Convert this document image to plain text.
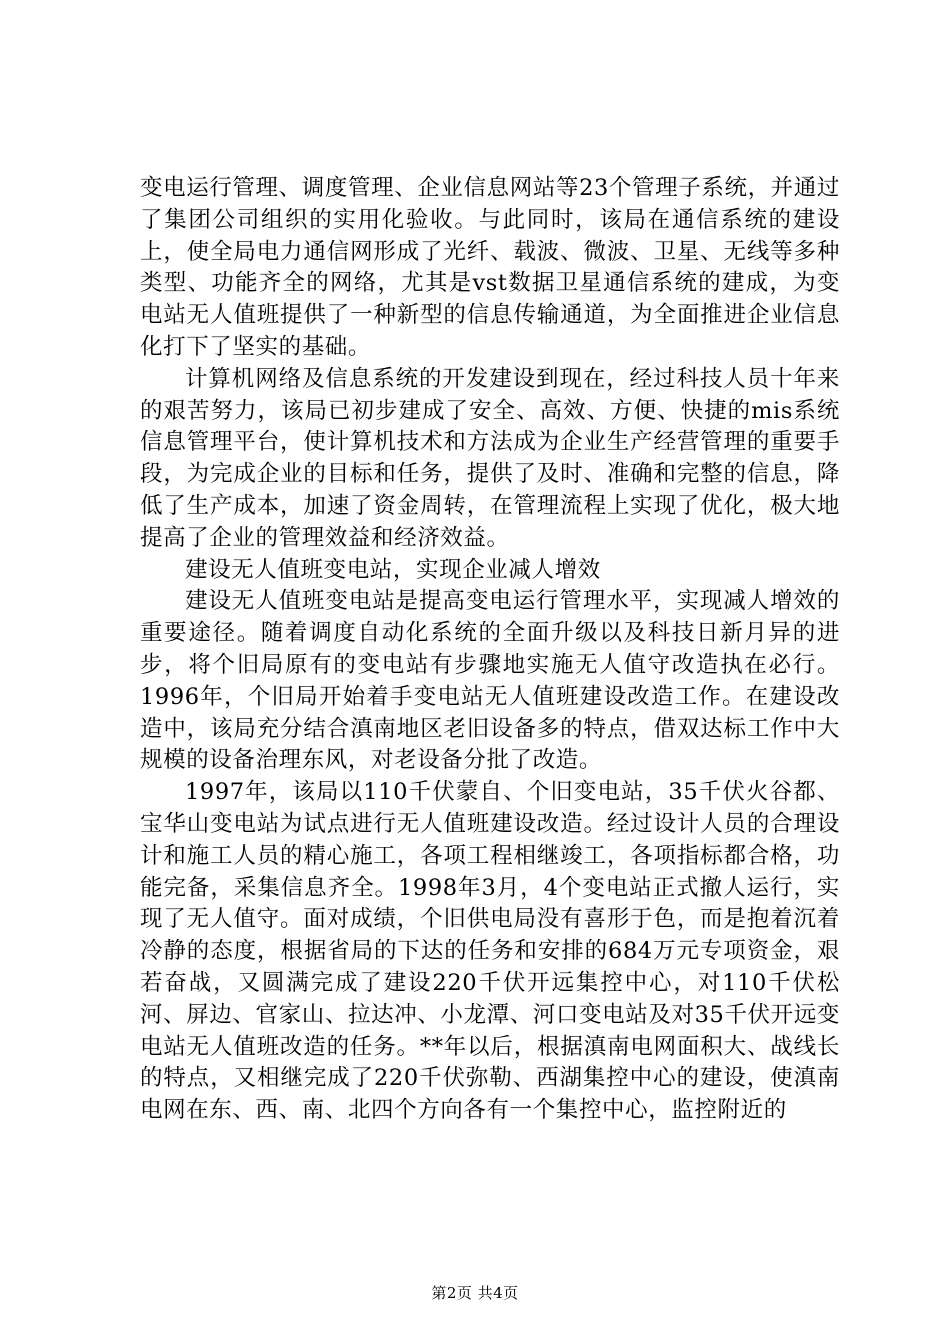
变电运行管理、调度管理、企业信息网站等23个管理子系统，并通过了集团公司组织的实用化验收。与此同时，该局在通信系统的建设上，使全局电力通信网形成了光纤、载波、微波、卫星、无线等多种类型、功能齐全的网络，尤其是vst数据卫星通信系统的建成，为变电站无人值班提供了一种新型的信息传输通道，为全面推进企业信息化打下了坚实的基础。

计算机网络及信息系统的开发建设到现在，经过科技人员十年来的艰苦努力，该局已初步建成了安全、高效、方便、快捷的mis系统信息管理平台，使计算机技术和方法成为企业生产经营管理的重要手段，为完成企业的目标和任务，提供了及时、准确和完整的信息，降低了生产成本，加速了资金周转，在管理流程上实现了优化，极大地提高了企业的管理效益和经济效益。

建设无人值班变电站，实现企业减人增效

建设无人值班变电站是提高变电运行管理水平，实现减人增效的重要途径。随着调度自动化系统的全面升级以及科技日新月异的进步，将个旧局原有的变电站有步骤地实施无人值守改造执在必行。1996年，个旧局开始着手变电站无人值班建设改造工作。在建设改造中，该局充分结合滇南地区老旧设备多的特点，借双达标工作中大规模的设备治理东风，对老设备分批了改造。

1997年，该局以110千伏蒙自、个旧变电站，35千伏火谷都、宝华山变电站为试点进行无人值班建设改造。经过设计人员的合理设计和施工人员的精心施工，各项工程相继竣工，各项指标都合格，功能完备，采集信息齐全。1998年3月，4个变电站正式撤人运行，实现了无人值守。面对成绩，个旧供电局没有喜形于色，而是抱着沉着冷静的态度，根据省局的下达的任务和安排的684万元专项资金，艰若奋战，又圆满完成了建设220千伏开远集控中心，对110千伏松河、屏边、官家山、拉达冲、小龙潭、河口变电站及对35千伏开远变电站无人值班改造的任务。**年以后，根据滇南电网面积大、战线长的特点，又相继完成了220千伏弥勒、西湖集控中心的建设，使滇南电网在东、西、南、北四个方向各有一个集控中心，监控附近的

第2页 共4页
